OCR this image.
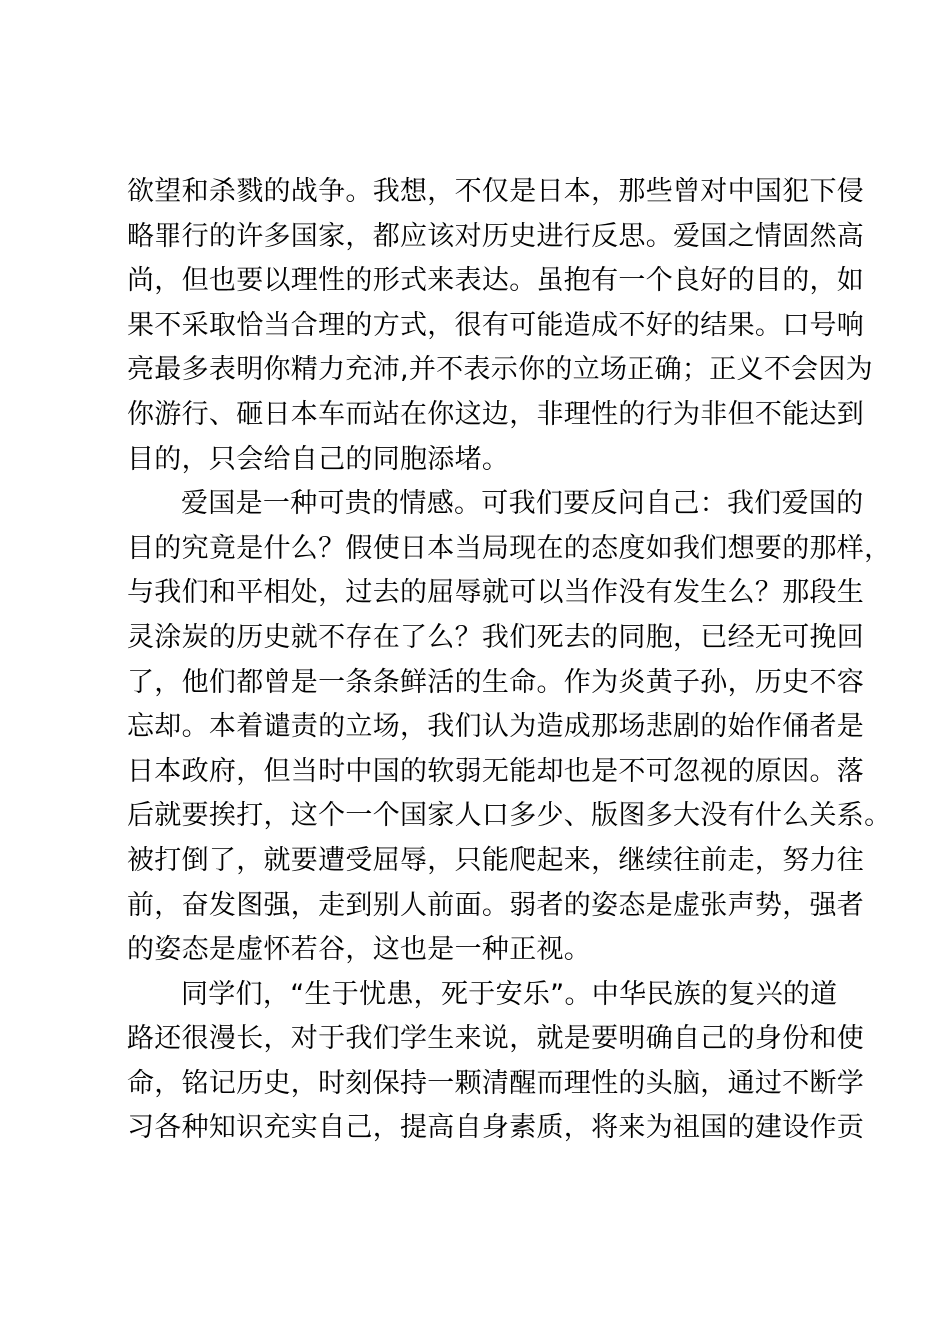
欲望和杀戮的战争。我想，不仅是日本，那些曾对中国犯下侵
略罪行的许多国家，都应该对历史进行反思。爱国之情固然高
尚，但也要以理性的形式来表达。虽抱有一个良好的目的，如
果不采取恰当合理的方式，很有可能造成不好的结果。口号响
亮最多表明你精力充沛,并不表示你的立场正确；正义不会因为
你游行、砸日本车而站在你这边，非理性的行为非但不能达到
目的，只会给自己的同胞添堵。
爱国是一种可贵的情感。可我们要反问自己：我们爱国的
目的究竟是什么？假使日本当局现在的态度如我们想要的那样，
与我们和平相处，过去的屈辱就可以当作没有发生么？那段生
灵涂炭的历史就不存在了么？我们死去的同胞，已经无可挽回
了，他们都曾是一条条鲜活的生命。作为炎黄子孙，历史不容
忘却。本着谴责的立场，我们认为造成那场悲剧的始作俑者是
日本政府，但当时中国的软弱无能却也是不可忽视的原因。落
后就要挨打，这个一个国家人口多少、版图多大没有什么关系。
被打倒了，就要遭受屈辱，只能爬起来，继续往前走，努力往
前，奋发图强，走到别人前面。弱者的姿态是虚张声势，强者
的姿态是虚怀若谷，这也是一种正视。
同学们，“生于忧患，死于安乐”。中华民族的复兴的道
路还很漫长，对于我们学生来说，就是要明确自己的身份和使
命，铭记历史，时刻保持一颗清醒而理性的头脑，通过不断学
习各种知识充实自己，提高自身素质，将来为祖国的建设作贡
